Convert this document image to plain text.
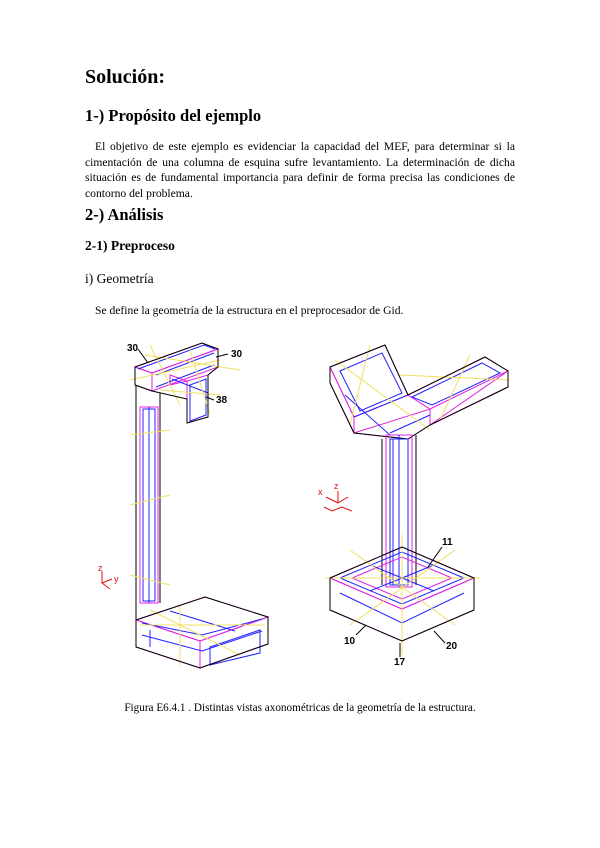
Solución:
1-) Propósito del ejemplo
El objetivo de este ejemplo es evidenciar la capacidad del MEF, para determinar si la cimentación de una columna de esquina sufre levantamiento. La determinación de dicha situación es de fundamental importancia para definir de forma precisa las condiciones de contorno del problema.
2-) Análisis
2-1) Preproceso
i) Geometría
Se define la geometría de la estructura en el preprocesador de Gid.
30
30
38
z
y
11
10
17
20
x
z
Figura E6.4.1 . Distintas vistas axonométricas de la geometría de la estructura.
